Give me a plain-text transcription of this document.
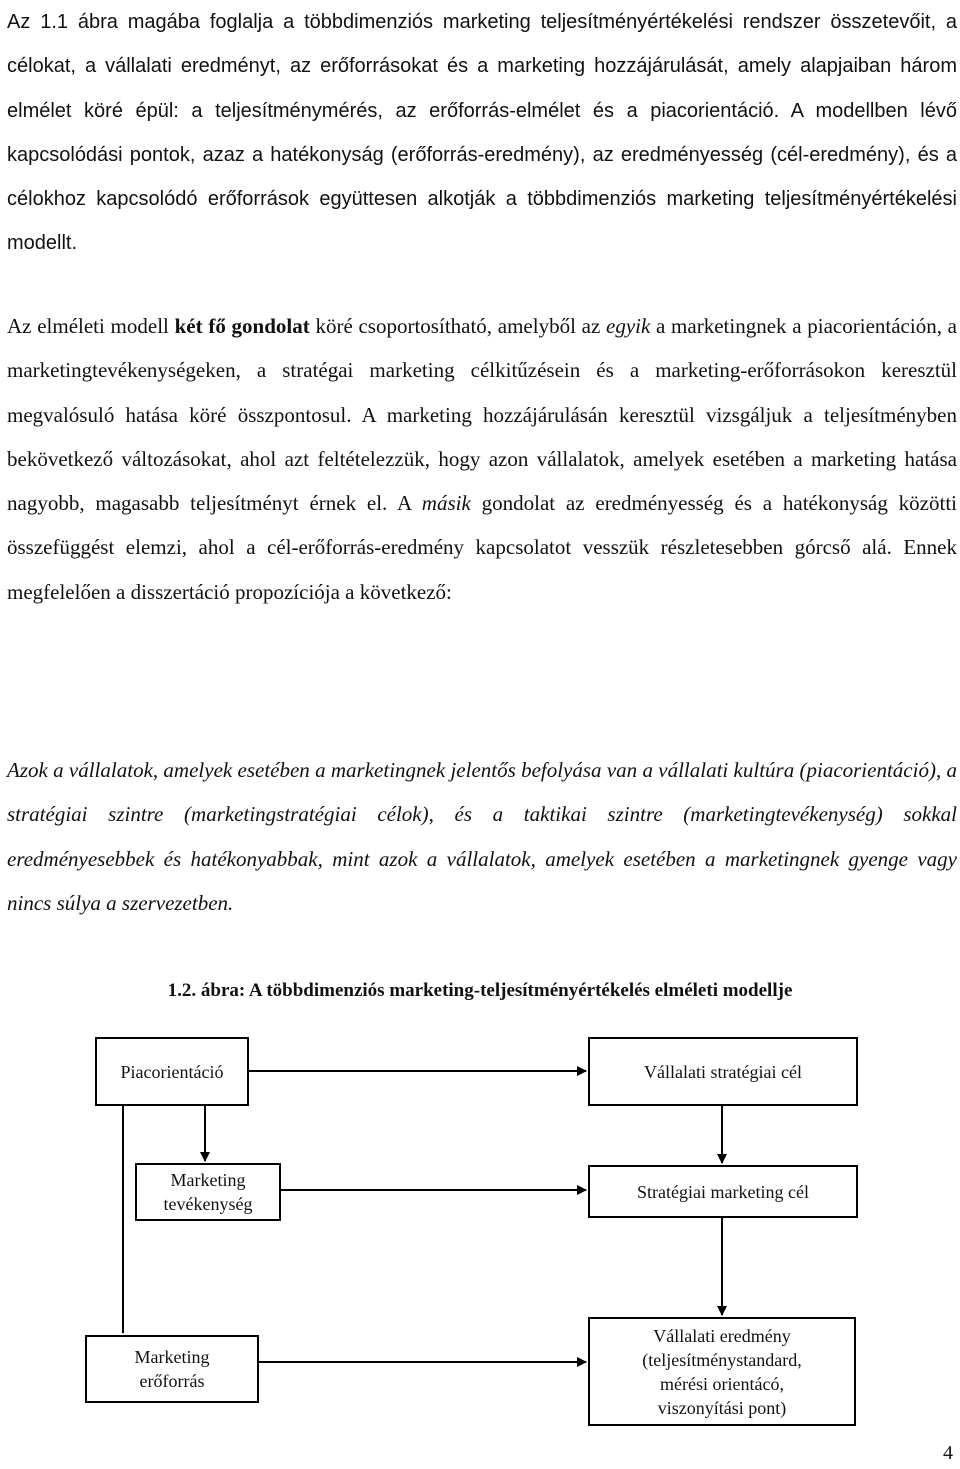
Az 1.1 ábra magába foglalja a többdimenziós marketing teljesítményértékelési rendszer összetevőit, a célokat, a vállalati eredményt, az erőforrásokat és a marketing hozzájárulását, amely alapjaiban három elmélet köré épül: a teljesítménymérés, az erőforrás-elmélet és a piacorientáció. A modellben lévő kapcsolódási pontok, azaz a hatékonyság (erőforrás-eredmény), az eredményesség (cél-eredmény), és a célokhoz kapcsolódó erőforrások együttesen alkotják a többdimenziós marketing teljesítményértékelési modellt.

Az elméleti modell két fő gondolat köré csoportosítható, amelyből az egyik a marketingnek a piacorientáción, a marketingtevékenységeken, a stratégai marketing célkitűzésein és a marketing-erőforrásokon keresztül megvalósuló hatása köré összpontosul. A marketing hozzájárulásán keresztül vizsgáljuk a teljesítményben bekövetkező változásokat, ahol azt feltételezzük, hogy azon vállalatok, amelyek esetében a marketing hatása nagyobb, magasabb teljesítményt érnek el. A másik gondolat az eredményesség és a hatékonyság közötti összefüggést elemzi, ahol a cél-erőforrás-eredmény kapcsolatot vesszük részletesebben górcső alá. Ennek megfelelően a disszertáció propozíciója a következő:

Azok a vállalatok, amelyek esetében a marketingnek jelentős befolyása van a vállalati kultúra (piacorientáció), a stratégiai szintre (marketingstratégiai célok), és a taktikai szintre (marketingtevékenység) sokkal eredményesebbek és hatékonyabbak, mint azok a vállalatok, amelyek esetében a marketingnek gyenge vagy nincs súlya a szervezetben.

1.2. ábra: A többdimenziós marketing-teljesítményértékelés elméleti modellje
Piacorientáció
Marketing tevékenység
Marketing erőforrás
Vállalati stratégiai cél
Stratégiai marketing cél
Vállalati eredmény (teljesítménystandard, mérési orientácó, viszonyítási pont)
4
